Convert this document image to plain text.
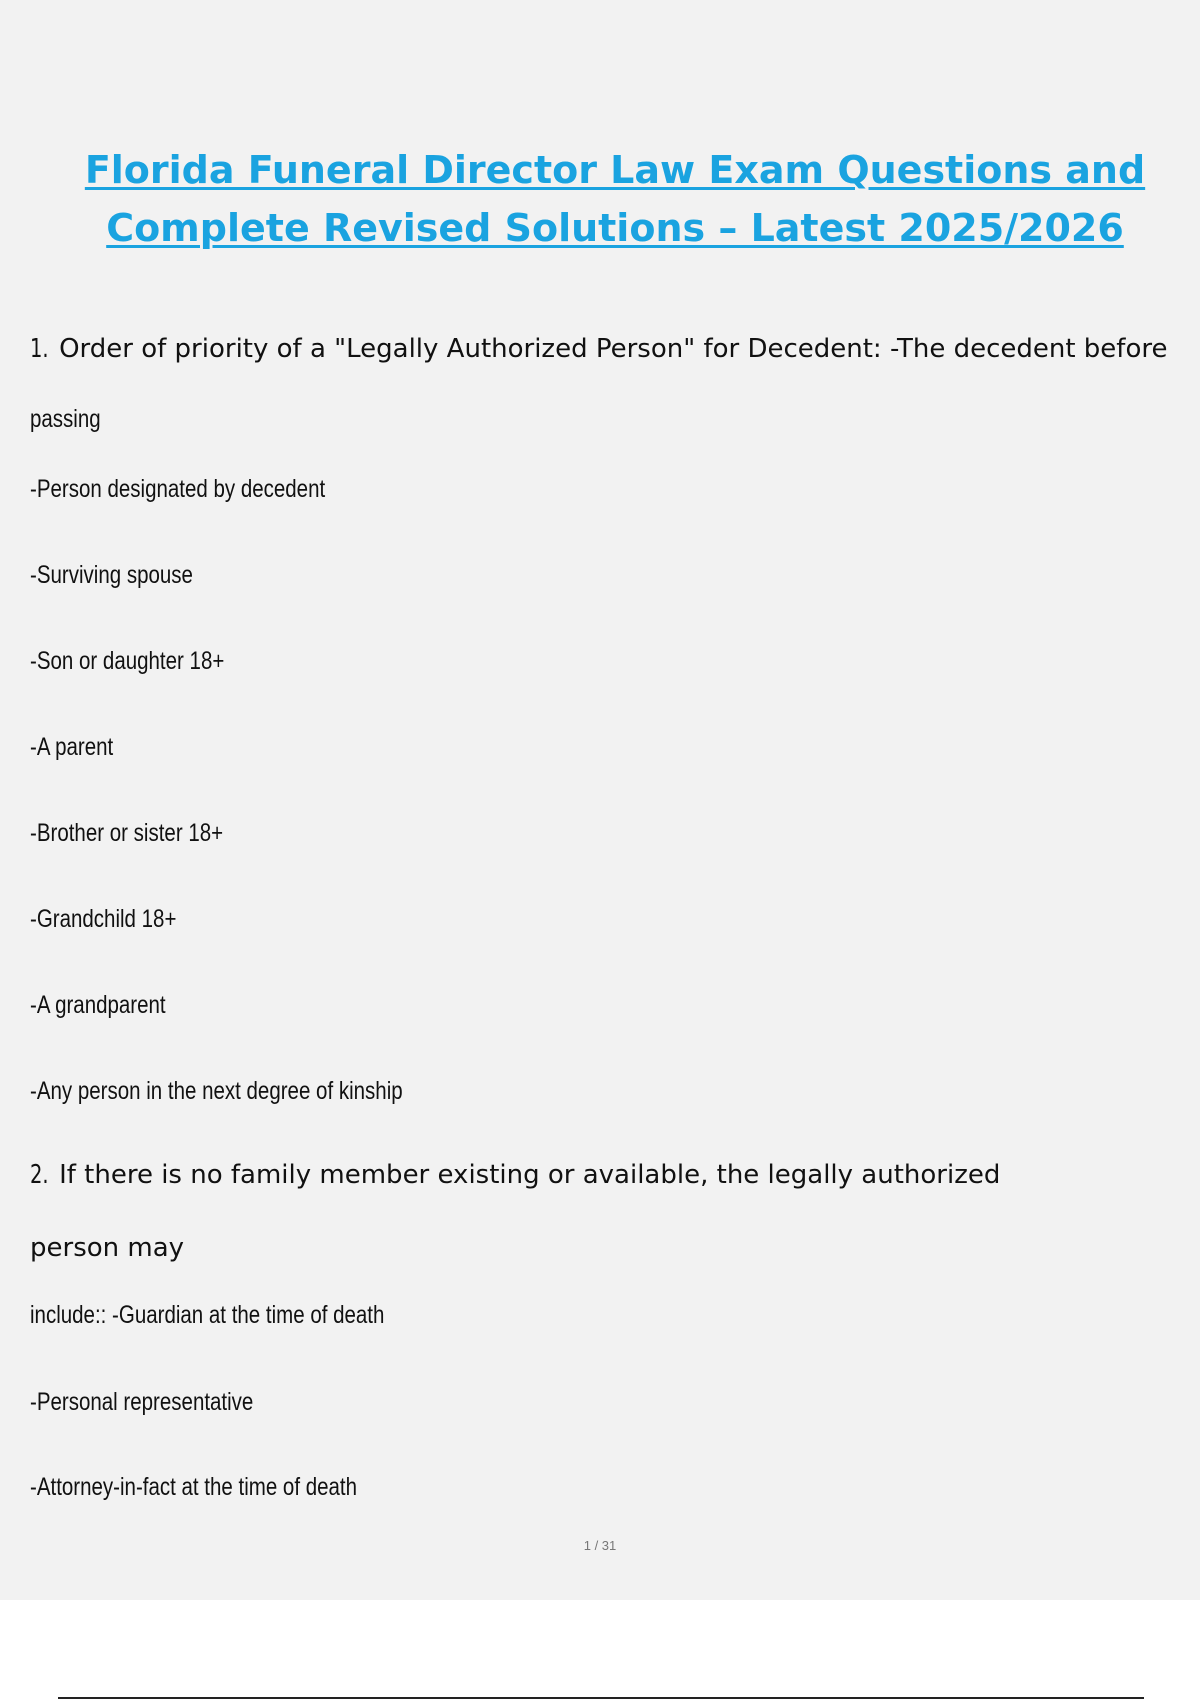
Florida Funeral Director Law Exam Questions and
Complete Revised Solutions – Latest 2025/2026

1. Order of priority of a "Legally Authorized Person" for Decedent: -The decedent before

passing

-Person designated by decedent

-Surviving spouse

-Son or daughter 18+

-A parent

-Brother or sister 18+

-Grandchild 18+

-A grandparent

-Any person in the next degree of kinship

2. If there is no family member existing or available, the legally authorized

person may

include:: -Guardian at the time of death

-Personal representative

-Attorney-in-fact at the time of death

1 / 31
